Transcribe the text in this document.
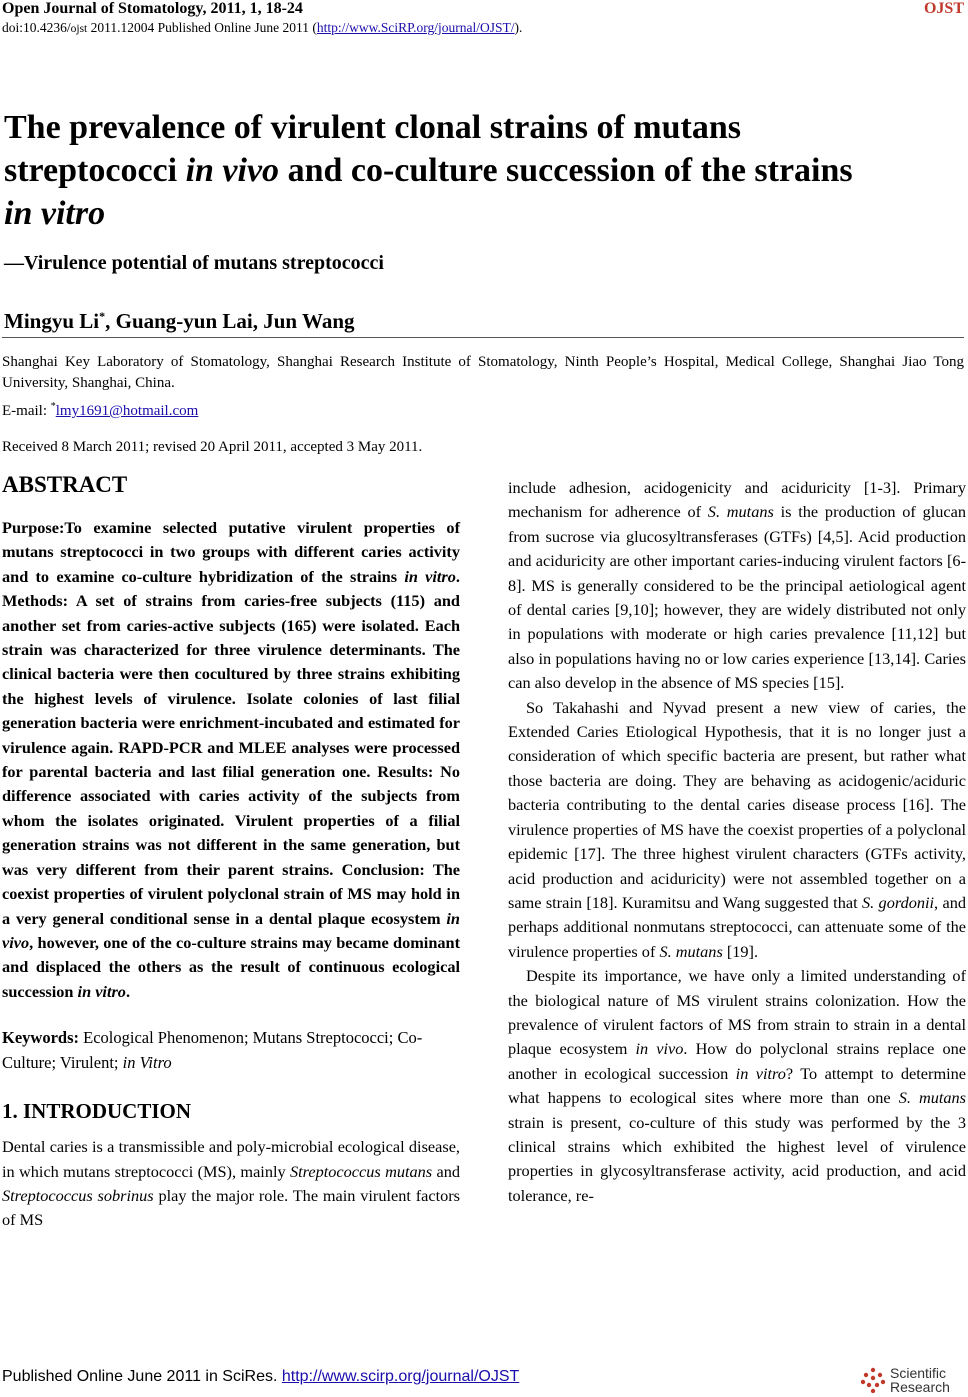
Open Journal of Stomatology, 2011, 1, 18-24	OJST
doi:10.4236/ojst 2011.12004 Published Online June 2011 (http://www.SciRP.org/journal/OJST/).
The prevalence of virulent clonal strains of mutans
streptococci in vivo and co-culture succession of the strains
in vitro
—Virulence potential of mutans streptococci
Mingyu Li*, Guang-yun Lai, Jun Wang
Shanghai Key Laboratory of Stomatology, Shanghai Research Institute of Stomatology, Ninth People’s Hospital, Medical College, Shanghai Jiao Tong University, Shanghai, China.
E-mail: *lmy1691@hotmail.com
Received 8 March 2011; revised 20 April 2011, accepted 3 May 2011.
ABSTRACT

Purpose:To examine selected putative virulent properties of mutans streptococci in two groups with different caries activity and to examine co-culture hybridization of the strains in vitro. Methods: A set of strains from caries-free subjects (115) and another set from caries-active subjects (165) were isolated. Each strain was characterized for three virulence determinants. The clinical bacteria were then cocultured by three strains exhibiting the highest levels of virulence. Isolate colonies of last filial generation bacteria were enrichment-incubated and estimated for virulence again. RAPD-PCR and MLEE analyses were processed for parental bacteria and last filial generation one. Results: No difference associated with caries activity of the subjects from whom the isolates originated. Virulent properties of a filial generation strains was not different in the same generation, but was very different from their parent strains. Conclusion: The coexist properties of virulent polyclonal strain of MS may hold in a very general conditional sense in a dental plaque ecosystem in vivo, however, one of the co-culture strains may became dominant and displaced the others as the result of continuous ecological succession in vitro.

Keywords: Ecological Phenomenon; Mutans Streptococci; Co-Culture; Virulent; in Vitro
1. INTRODUCTION

Dental caries is a transmissible and poly-microbial ecological disease, in which mutans streptococci (MS), mainly Streptococcus mutans and Streptococcus sobrinus play the major role. The main virulent factors of MS

include adhesion, acidogenicity and aciduricity [1-3]. Primary mechanism for adherence of S. mutans is the production of glucan from sucrose via glucosyltransferases (GTFs) [4,5]. Acid production and aciduricity are other important caries-inducing virulent factors [6-8]. MS is generally considered to be the principal aetiological agent of dental caries [9,10]; however, they are widely distributed not only in populations with moderate or high caries prevalence [11,12] but also in populations having no or low caries experience [13,14]. Caries can also develop in the absence of MS species [15].

So Takahashi and Nyvad present a new view of caries, the Extended Caries Etiological Hypothesis, that it is no longer just a consideration of which specific bacteria are present, but rather what those bacteria are doing. They are behaving as acidogenic/aciduric bacteria contributing to the dental caries disease process [16]. The virulence properties of MS have the coexist properties of a polyclonal epidemic [17]. The three highest virulent characters (GTFs activity, acid production and aciduricity) were not assembled together on a same strain [18]. Kuramitsu and Wang suggested that S. gordonii, and perhaps additional nonmutans streptococci, can attenuate some of the virulence properties of S. mutans [19].

Despite its importance, we have only a limited understanding of the biological nature of MS virulent strains colonization. How the prevalence of virulent factors of MS from strain to strain in a dental plaque ecosystem in vivo. How do polyclonal strains replace one another in ecological succession in vitro? To attempt to determine what happens to ecological sites where more than one S. mutans strain is present, co-culture of this study was performed by the 3 clinical strains which exhibited the highest level of virulence properties in glycosyltransferase activity, acid production, and acid tolerance, re-

Published Online June 2011 in SciRes. http://www.scirp.org/journal/OJST	Scientific
Research
